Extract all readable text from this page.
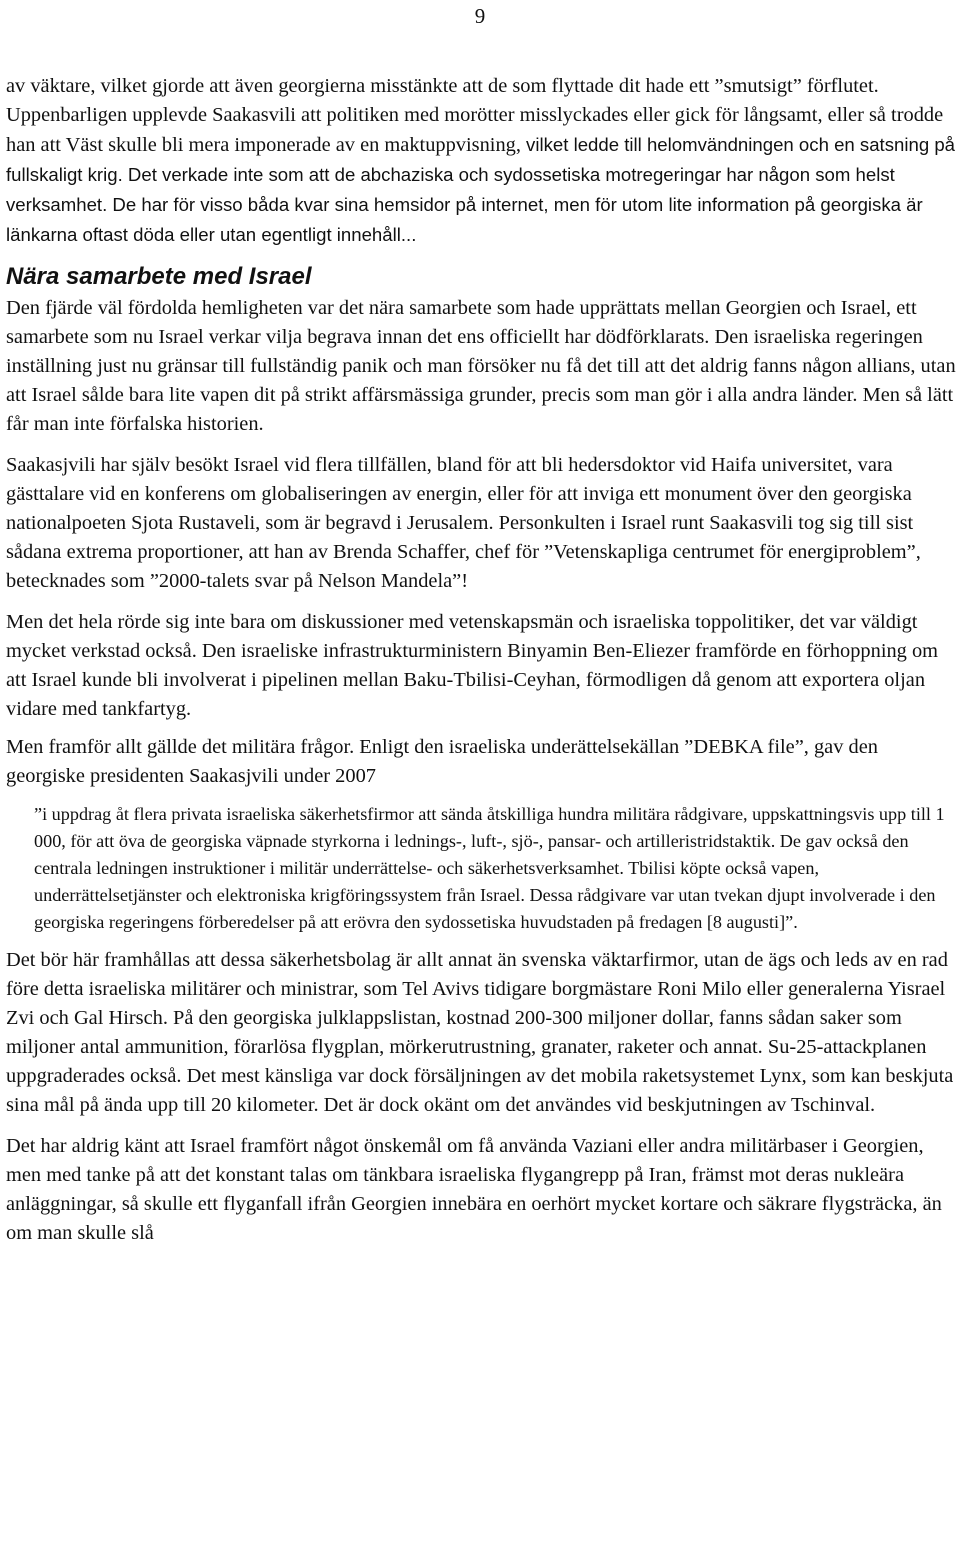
9

av väktare, vilket gjorde att även georgierna misstänkte att de som flyttade dit hade ett ”smutsigt” förflutet.

Uppenbarligen upplevde Saakasvili att politiken med morötter misslyckades eller gick för långsamt, eller så trodde han att Väst skulle bli mera imponerade av en maktuppvisning, vilket ledde till helomvändningen och en satsning på fullskaligt krig. Det verkade inte som att de abchaziska och sydossetiska motregeringar har någon som helst verksamhet. De har för visso båda kvar sina hemsidor på internet, men för utom lite information på georgiska är länkarna oftast döda eller utan egentligt innehåll...

Nära samarbete med Israel

Den fjärde väl fördolda hemligheten var det nära samarbete som hade upprättats mellan Georgien och Israel, ett samarbete som nu Israel verkar vilja begrava innan det ens officiellt har dödförklarats. Den israeliska regeringen inställning just nu gränsar till fullständig panik och man försöker nu få det till att det aldrig fanns någon allians, utan att Israel sålde bara lite vapen dit på strikt affärsmässiga grunder, precis som man gör i alla andra länder. Men så lätt får man inte förfalska historien.

Saakasjvili har själv besökt Israel vid flera tillfällen, bland för att bli hedersdoktor vid Haifa universitet, vara gästtalare vid en konferens om globaliseringen av energin, eller för att inviga ett monument över den georgiska nationalpoeten Sjota Rustaveli, som är begravd i Jerusalem. Personkulten i Israel runt Saakasvili tog sig till sist sådana extrema proportioner, att han av Brenda Schaffer, chef för ”Vetenskapliga centrumet för energiproblem”, betecknades som ”2000-talets svar på Nelson Mandela”!

Men det hela rörde sig inte bara om diskussioner med vetenskapsmän och israeliska toppolitiker, det var väldigt mycket verkstad också. Den israeliske infrastrukturministern Binyamin Ben-Eliezer framförde en förhoppning om att Israel kunde bli involverat i pipelinen mellan Baku-Tbilisi-Ceyhan, förmodligen då genom att exportera oljan vidare med tankfartyg.

Men framför allt gällde det militära frågor. Enligt den israeliska underättelsekällan ”DEBKA file”, gav den georgiske presidenten Saakasjvili under 2007

”i uppdrag åt flera privata israeliska säkerhetsfirmor att sända åtskilliga hundra militära rådgivare, uppskattningsvis upp till 1 000, för att öva de georgiska väpnade styrkorna i lednings-, luft-, sjö-, pansar- och artilleristridstaktik. De gav också den centrala ledningen instruktioner i militär underrättelse- och säkerhetsverksamhet. Tbilisi köpte också vapen, underrättelsetjänster och elektroniska krigföringssystem från Israel. Dessa rådgivare var utan tvekan djupt involverade i den georgiska regeringens förberedelser på att erövra den sydossetiska huvudstaden på fredagen [8 augusti]”.

Det bör här framhållas att dessa säkerhetsbolag är allt annat än svenska väktarfirmor, utan de ägs och leds av en rad före detta israeliska militärer och ministrar, som Tel Avivs tidigare borgmästare Roni Milo eller generalerna Yisrael Zvi och Gal Hirsch. På den georgiska julklappslistan, kostnad 200-300 miljoner dollar, fanns sådan saker som miljoner antal ammunition, förarlösa flygplan, mörkerutrustning, granater, raketer och annat. Su-25-attackplanen uppgraderades också. Det mest känsliga var dock försäljningen av det mobila raketsystemet Lynx, som kan beskjuta sina mål på ända upp till 20 kilometer. Det är dock okänt om det användes vid beskjutningen av Tschinval.

Det har aldrig känt att Israel framfört något önskemål om få använda Vaziani eller andra militärbaser i Georgien, men med tanke på att det konstant talas om tänkbara israeliska flygangrepp på Iran, främst mot deras nukleära anläggningar, så skulle ett flyganfall ifrån Georgien innebära en oerhört mycket kortare och säkrare flygsträcka, än om man skulle slå
